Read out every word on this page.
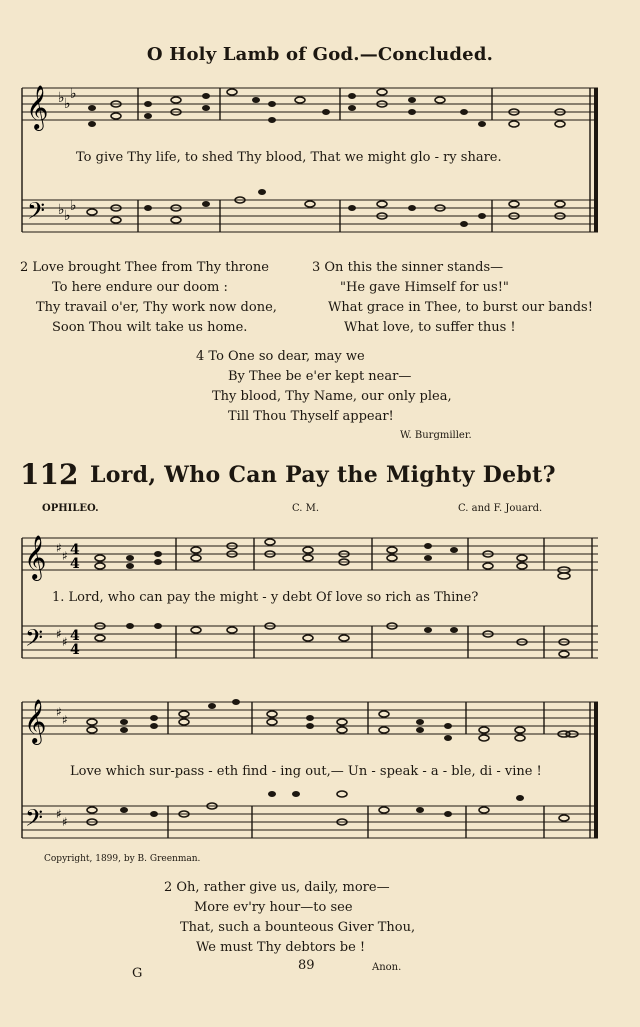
O Holy Lamb of God.—Concluded.
𝄞
𝄢
♭ ♭
♭
♭ ♭
♭
To give Thy life, to shed Thy blood, That we might glo - ry share.
2 Love brought Thee from Thy throne
To here endure our doom :
Thy travail o'er, Thy work now done,
Soon Thou wilt take us home.
3 On this the sinner stands—
"He gave Himself for us!"
What grace in Thee, to burst our bands!
What love, to suffer thus !
4 To One so dear, may we
By Thee be e'er kept near—
Thy blood, Thy Name, our only plea,
Till Thou Thyself appear!
W. Burgmiller.
112 Lord, Who Can Pay the Mighty Debt?
OPHILEO.	C. M.	C. and F. Jouard.
𝄞
𝄢
♯
♯
♯
♯
4
4
4
4
1. Lord, who can pay the might - y debt Of love so rich as Thine?
𝄞
𝄢
♯
♯
♯
♯
Love which sur-pass - eth find - ing out,— Un - speak - a - ble, di - vine !
Copyright, 1899, by B. Greenman.
2 Oh, rather give us, daily, more—
More ev'ry hour—to see
That, such a bounteous Giver Thou,
We must Thy debtors be !
Anon.
G
89
